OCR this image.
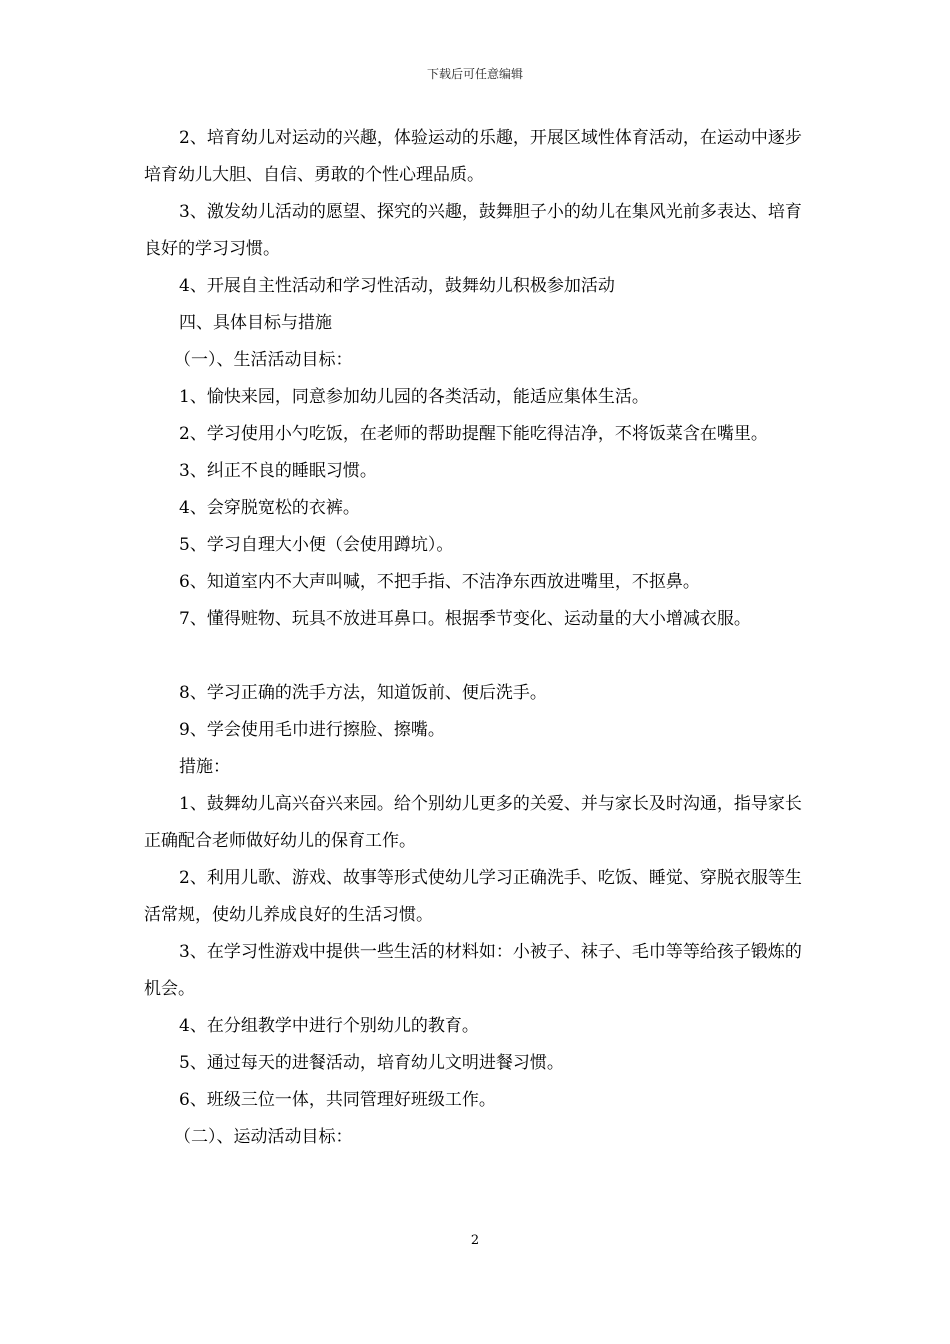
下载后可任意编辑

2、培育幼儿对运动的兴趣，体验运动的乐趣，开展区域性体育活动，在运动中逐步培育幼儿大胆、自信、勇敢的个性心理品质。

3、激发幼儿活动的愿望、探究的兴趣，鼓舞胆子小的幼儿在集风光前多表达、培育良好的学习习惯。

4、开展自主性活动和学习性活动，鼓舞幼儿积极参加活动

四、具体目标与措施

（一）、生活活动目标：

1、愉快来园，同意参加幼儿园的各类活动，能适应集体生活。

2、学习使用小勺吃饭，在老师的帮助提醒下能吃得洁净，不将饭菜含在嘴里。

3、纠正不良的睡眠习惯。

4、会穿脱宽松的衣裤。

5、学习自理大小便（会使用蹲坑）。

6、知道室内不大声叫喊，不把手指、不洁净东西放进嘴里，不抠鼻。

7、懂得赃物、玩具不放进耳鼻口。根据季节变化、运动量的大小增减衣服。

8、学习正确的洗手方法，知道饭前、便后洗手。

9、学会使用毛巾进行擦脸、擦嘴。

措施：

1、鼓舞幼儿高兴奋兴来园。给个别幼儿更多的关爱、并与家长及时沟通，指导家长正确配合老师做好幼儿的保育工作。

2、利用儿歌、游戏、故事等形式使幼儿学习正确洗手、吃饭、睡觉、穿脱衣服等生活常规，使幼儿养成良好的生活习惯。

3、在学习性游戏中提供一些生活的材料如：小被子、袜子、毛巾等等给孩子锻炼的机会。

4、在分组教学中进行个别幼儿的教育。

5、通过每天的进餐活动，培育幼儿文明进餐习惯。

6、班级三位一体，共同管理好班级工作。

（二）、运动活动目标：

2
